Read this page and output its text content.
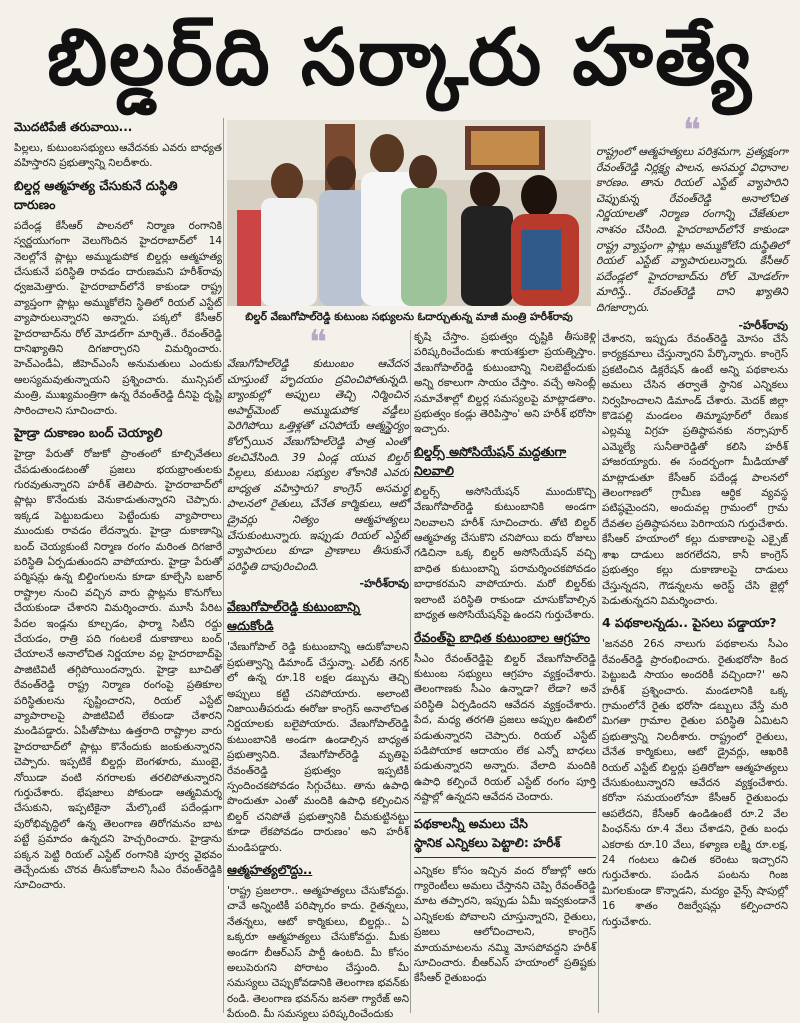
బిల్డర్‌ది సర్కారు హత్యే
మొదటిపేజీ తరువాయి...

పిల్లలు, కుటుంబసభ్యులు ఆవేదనకు ఎవరు బాధ్యత వహిస్తారని ప్రభుత్వాన్ని నిలదీశారు.

బిల్డర్ల ఆత్మహత్య చేసుకునే దుస్థితి దారుణం

పదేండ్ల కేసీఆర్ పాలనలో నిర్మాణ రంగానికి స్వర్ణయుగంగా వెలుగొందిన హైదరాబాద్‌లో 14 నెలల్లోనే ప్లాట్లు అమ్ముడుపోక బిల్డర్లు ఆత్మహత్య చేసుకునే పరిస్థితి రావడం దారుణమని హరీశ్‌రావు ధ్వజమెత్తారు. హైదరాబాద్‌లోనే కాకుండా రాష్ట్ర వ్యాప్తంగా ప్లాట్లు అమ్ముకోలేని స్థితిలో రియల్ ఎస్టేట్ వ్యాపారులున్నారని అన్నారు. పక్కలో కేసీఆర్ హైదరాబాద్‌ను రోల్ మోడల్‌గా మార్చితే.. రేవంత్‌రెడ్డి దానిఖ్యాతిని దిగజార్చారని విమర్శించారు. హెచ్ఎండీఏ, జీహెచ్ఎంసీ అనుమతులు ఎందుకు ఆలస్యమవుతున్నాయని ప్రశ్నించారు. మున్సిపల్ మంత్రి, ముఖ్యమంత్రిగా ఉన్న రేవంత్‌రెడ్డి దీనిపై దృష్టి సారించాలని సూచించారు.

హైడ్రా దుకాణం బంద్ చెయ్యాలి

హైడ్రా పేరుతో రోజుకో ప్రాంతంలో కూల్చివేతలు చేపడుతుండటంతో ప్రజలు భయభ్రాంతులకు గురవుతున్నారని హరీశ్ తెలిపారు. హైదరాబాద్‌లో ప్లాట్లు కొనేందుకు వెనుకాడుతున్నారని చెప్పారు. ఇక్కడ పెట్టుబడులు పెట్టేందుకు వ్యాపారాలు ముందుకు రావడం లేదన్నారు. హైడ్రా దుకాణాన్ని బంద్ చెయ్యకుంటే నిర్మాణ రంగం మరింత దిగజారే పరిస్థితి ఏర్పడుతుందని వాపోయారు. హైడ్రా పేరుతో పర్మిషన్లు ఉన్న బిల్డింగులను కూడా కూల్చేసి బజార్ రాష్ట్రాల నుంచి వచ్చిన వారు ప్లాట్లను కొనుగోలు చేయకుండా చేశారని విమర్శించారు. మూసీ పేరిట పేదల ఇండ్లను కూల్చడం, ఫార్మా సిటీని రద్దు చేయడం, రాత్రి పది గంటలకే దుకాణాలు బంద్ చేయాలనే అనాలోచిత నిర్ణయాల వల్ల హైదరాబాద్‌పై పాజిటివిటీ తగ్గిపోయిందన్నారు. హైడ్రా బూచితో రేవంత్‌రెడ్డి రాష్ట్ర నిర్మాణ రంగంపై ప్రతికూల పరిస్థితులను సృష్టించారని, రియల్ ఎస్టేట్ వ్యాపారాలపై పాజిటివిటీ లేకుండా చేశారని మండిపడ్డారు. ఏపీతోపాటు ఉత్తరాది రాష్ట్రాల వారు హైదరాబాద్‌లో ప్లాట్లు కొనేందుకు జంకుతున్నారని చెప్పారు. ఇప్పటికే బిల్డర్లు బెంగళూరు, ముంబై, నోయిడా వంటి నగరాలకు తరలిపోతున్నారని గుర్తుచేశారు. భేషజాలు పోకుండా ఆత్మవిమర్శ చేసుకుని, ఇప్పటికైనా మేల్కొంటే పదేండ్లుగా పురోభివృద్ధిలో ఉన్న తెలంగాణ తిరోగమనం బాట పట్టే ప్రమాదం ఉన్నదని హెచ్చరించారు. హైడ్రాను పక్కన పెట్టి రియల్ ఎస్టేట్ రంగానికి పూర్వ వైభవం తెచ్చేందుకు చొరవ తీసుకోవాలని సీఎం రేవంత్‌రెడ్డికి సూచించారు.

బిల్డర్ వేణుగోపాల్‌రెడ్డి కుటుంబ సభ్యులను ఓదార్చుతున్న మాజీ మంత్రి హరీశ్‌రావు
❝

రాష్ట్రంలో ఆత్మహత్యలు పరిశ్రమగా, ప్రత్యక్షంగా రేవంత్‌రెడ్డి నిర్లక్ష్య పాలన, అసమర్థ విధానాల కారణం. తాను రియల్ ఎస్టేట్ వ్యాపారిని చెప్పుకున్న రేవంత్‌రెడ్డి అనాలోచిత నిర్ణయాలతో నిర్మాణ రంగాన్ని చేజేతులా నాశనం చేసింది. హైదరాబాద్‌లోనే కాకుండా రాష్ట్ర వ్యాప్తంగా ప్లాట్లు అమ్ముకోలేని దుస్థితిలో రియల్ ఎస్టేట్ వ్యాపారులున్నారు. కేసీఆర్ పదేండ్లలో హైదరాబాద్‌ను రోల్ మోడల్‌గా మారిస్తే.. రేవంత్‌రెడ్డి దాని ఖ్యాతిని దిగజార్చారు.

-హరీశ్‌రావు
❝

వేణుగోపాల్‌రెడ్డి కుటుంబం ఆవేదన చూస్తుంటే హృదయం ద్రవించిపోతున్నది. బ్యాంకుల్లో అప్పులు తెచ్చి నిర్మించిన అపార్ట్‌మెంట్ అమ్ముడుపోక వడ్డీలు పెరిగిపోయి ఒత్తిళ్లతో చనిపోయే ఆత్మస్థైర్యం కోల్పోయిన వేణుగోపాల్‌రెడ్డి పాత్ర ఎంతో కలచివేసింది. 39 ఏండ్ల యువ బిల్డర్ పిల్లలు, కుటుంబ సభ్యుల శోకానికి ఎవరు బాధ్యత వహిస్తారు? కాంగ్రెస్ అసమర్థ పాలనలో రైతులు, చేనేత కార్మికులు, ఆటో డ్రైవర్లు నిత్యం ఆత్మహత్యలు చేసుకుంటున్నారు. ఇప్పుడు రియల్ ఎస్టేట్ వ్యాపారులు కూడా ప్రాణాలు తీసుకునే పరిస్థితి దాపురించింది.

-హరీశ్‌రావు
వేణుగోపాల్‌రెడ్డి కుటుంబాన్ని ఆదుకోండి

'వేణుగోపాల్ రెడ్డి కుటుంబాన్ని ఆదుకోవాలని ప్రభుత్వాన్ని డిమాండ్ చేస్తున్నా. ఎల్‌బీ నగర్ లో ఉన్న రూ.18 లక్షల డబ్బును తెచ్చి అప్పులు కట్టి చనిపోయారు. అలాంటి నిజాయితీపరుడు ఈరోజు కాంగ్రెస్ అనాలోచిత నిర్ణయాలకు బలైపోయారు. వేణుగోపాల్‌రెడ్డి కుటుంబానికి అండగా ఉండాల్సిన బాధ్యత ప్రభుత్వానిది. వేణుగోపాల్‌రెడ్డి మృతిపై రేవంత్‌రెడ్డి ప్రభుత్వం ఇప్పటికీ స్పందించకపోవడం సిగ్గుచేటు. తాను ఉపాధి పొందుతూ ఎంతో మందికి ఉపాధి కల్పించిన బిల్డర్ చనిపోతే ప్రభుత్వానికి చీమకుట్టినట్టు కూడా లేకపోవడం దారుణం' అని హరీశ్ మండిపడ్డారు.

ఆత్మహత్యలొద్దు..

'రాష్ట్ర ప్రజలారా.. ఆత్మహత్యలు చేసుకోవద్దు. చావే అన్నింటికీ పరిష్కారం కాదు. రైతన్నలు, నేతన్నలు, ఆటో కార్మికులు, బిల్డర్లు.. ఏ ఒక్కరూ ఆత్మహత్యలు చేసుకోవద్దు. మీకు అండగా బీఆర్ఎస్ పార్టీ ఉంటది. మీ కోసం అలుపెరుగని పోరాటం చేస్తుంది. మీ సమస్యలు చెప్పుకోవడానికి తెలంగాణ భవన్‌కు రండి. తెలంగాణ భవన్‌ను జనతా గ్యారేజ్ అని పేరుంది. మీ సమస్యలు పరిష్కరించేందుకు

కృషి చేస్తాం. ప్రభుత్వం దృష్టికి తీసుకెళ్లి పరిష్కరించేందుకు శాయశక్తులా ప్రయత్నిస్తాం. వేణుగోపాల్‌రెడ్డి కుటుంబాన్ని నిలబెట్టేందుకు అన్ని రకాలుగా సాయం చేస్తాం. వచ్చే అసెంబ్లీ సమావేశాల్లో బిల్డర్ల సమస్యలపై మాట్లాడతాం. ప్రభుత్వం కండ్లు తెరిపిస్తాం' అని హరీశ్ భరోసా ఇచ్చారు.

బిల్డర్స్ అసోసియేషన్ మద్దతుగా నిలవాలి

బిల్డర్స్ అసోసియేషన్ ముందుకొచ్చి వేణుగోపాల్‌రెడ్డి కుటుంబానికి అండగా నిలవాలని హరీశ్ సూచించారు. తోటి బిల్డర్ ఆత్మహత్య చేసుకొని చనిపోయి ఐదు రోజులు గడిచినా ఒక్క బిల్డర్ అసోసియేషన్ వచ్చి బాధిత కుటుంబాన్ని పరామర్శించకపోవడం బాధాకరమని వాపోయారు. మరో బిల్డర్‌కు ఇలాంటి పరిస్థితి రాకుండా చూసుకోవాల్సిన బాధ్యత అసోసియేషన్‌పై ఉందని గుర్తుచేశారు.

రేవంత్‌పై బాధిత కుటుంబాల ఆగ్రహం

సీఎం రేవంత్‌రెడ్డిపై బిల్డర్ వేణుగోపాల్‌రెడ్డి కుటుంబ సభ్యులు ఆగ్రహం వ్యక్తంచేశారు. తెలంగాణకు సీఎం ఉన్నాడా? లేడా? అనే పరిస్థితి ఏర్పడిందని ఆవేదన వ్యక్తంచేశారు. పేద, మధ్య తరగతి ప్రజలు అప్పుల ఊబిలో పడుతున్నారని చెప్పారు. రియల్ ఎస్టేట్ పడిపోయాక ఆదాయం లేక ఎన్నో బాధలు పడుతున్నారని అన్నారు. వేలాది మందికి ఉపాధి కల్పించే రియల్ ఎస్టేట్ రంగం పూర్తి నష్టాల్లో ఉన్నదని ఆవేదన చెందారు.

పథకాలన్నీ అమలు చేసి
స్థానిక ఎన్నికలు పెట్టాలి: హరీశ్

ఎన్నికల కోసం ఇచ్చిన వంద రోజుల్లో ఆరు గ్యారెంటీలు అమలు చేస్తానని చెప్పి రేవంత్‌రెడ్డి మాట తప్పారని, ఇప్పుడు ఏమీ ఇవ్వకుండానే ఎన్నికలకు పోవాలని చూస్తున్నారని, రైతులు, ప్రజలు ఆలోచించాలని, కాంగ్రెస్ మాయమాటలను నమ్మి మోసపోవద్దని హరీశ్ సూచించారు. బీఆర్ఎస్ హయాంలో ప్రతిష్టకు కేసీఆర్ రైతుబంధు

చేశారని, ఇప్పుడు రేవంత్‌రెడ్డి మోసం చేసే కార్యక్రమాలు చేస్తున్నారని పేర్కొన్నారు. కాంగ్రెస్ ప్రకటించిన డిక్లరేషన్ ఉంటే అన్ని పథకాలను అమలు చేసిన తర్వాతే స్థానిక ఎన్నికలు నిర్వహించాలని డిమాండ్ చేశారు. మెదక్ జిల్లా కొడెపల్లి మండలం తిమ్మాపూర్‌లో రేణుక ఎల్లమ్మ విగ్రహ ప్రతిష్ఠాపనకు నర్సాపూర్ ఎమ్మెల్యే సునీతారెడ్డితో కలిసి హరీశ్ హాజరయ్యారు. ఈ సందర్భంగా మీడియాతో మాట్లాడుతూ కేసీఆర్ పదేండ్ల పాలనలో తెలంగాణలో గ్రామీణ ఆర్థిక వ్యవస్థ పటిష్ఠమైందని, అందువల్ల గ్రామంలో గ్రామ దేవతల ప్రతిష్ఠాపనలు పెరిగాయని గుర్తుచేశారు. కేసీఆర్ హయాంలో కల్లు దుకాణాలపై ఎక్సైజ్ శాఖ దాడులు జరగలేదని, కానీ కాంగ్రెస్ ప్రభుత్వం కల్లు దుకాణాలపై దాడులు చేస్తున్నదని, గౌడన్నలను అరెస్ట్ చేసి జైల్లో పెడుతున్నదని విమర్శించారు.

4 పథకాలన్నడు.. పైసలు పడ్డాయా?

'జనవరి 26న నాలుగు పథకాలను సీఎం రేవంత్‌రెడ్డి ప్రారంభించారు. రైతుభరోసా కింద పెట్టుబడి సాయం అందరికీ వచ్చిందా?' అని హరీశ్ ప్రశ్నించారు. మండలానికి ఒక్క గ్రామంలోనే రైతు భరోసా డబ్బులు వేస్తే మరి మిగతా గ్రామాల రైతుల పరిస్థితి ఏమిటని ప్రభుత్వాన్ని నిలదీశారు. రాష్ట్రంలో రైతులు, చేనేత కార్మికులు, ఆటో డ్రైవర్లు, ఆఖరికి రియల్ ఎస్టేట్ బిల్డర్లు ప్రతిరోజూ ఆత్మహత్యలు చేసుకుంటున్నారని ఆవేదన వ్యక్తంచేశారు. కరోనా సమయంలోనూ కేసీఆర్ రైతుబంధు ఆపలేదని, కేసీఆర్ ఉండిఉంటే రూ.2 వేల పింఛన్‌ను రూ.4 వేలు చేశాడని, రైతు బంధు ఎకరాకు రూ.10 వేలు, కళ్యాణ లక్ష్మి రూ.లక్ష, 24 గంటలు ఉచిత కరెంటు ఇచ్చారని గుర్తుచేశారు. పండిన పంటను గింజ మిగలకుండా కొన్నాడని, మద్యం వైన్స్ షాపుల్లో 16 శాతం రిజర్వేషన్లు కల్పించారని గుర్తుచేశారు.
